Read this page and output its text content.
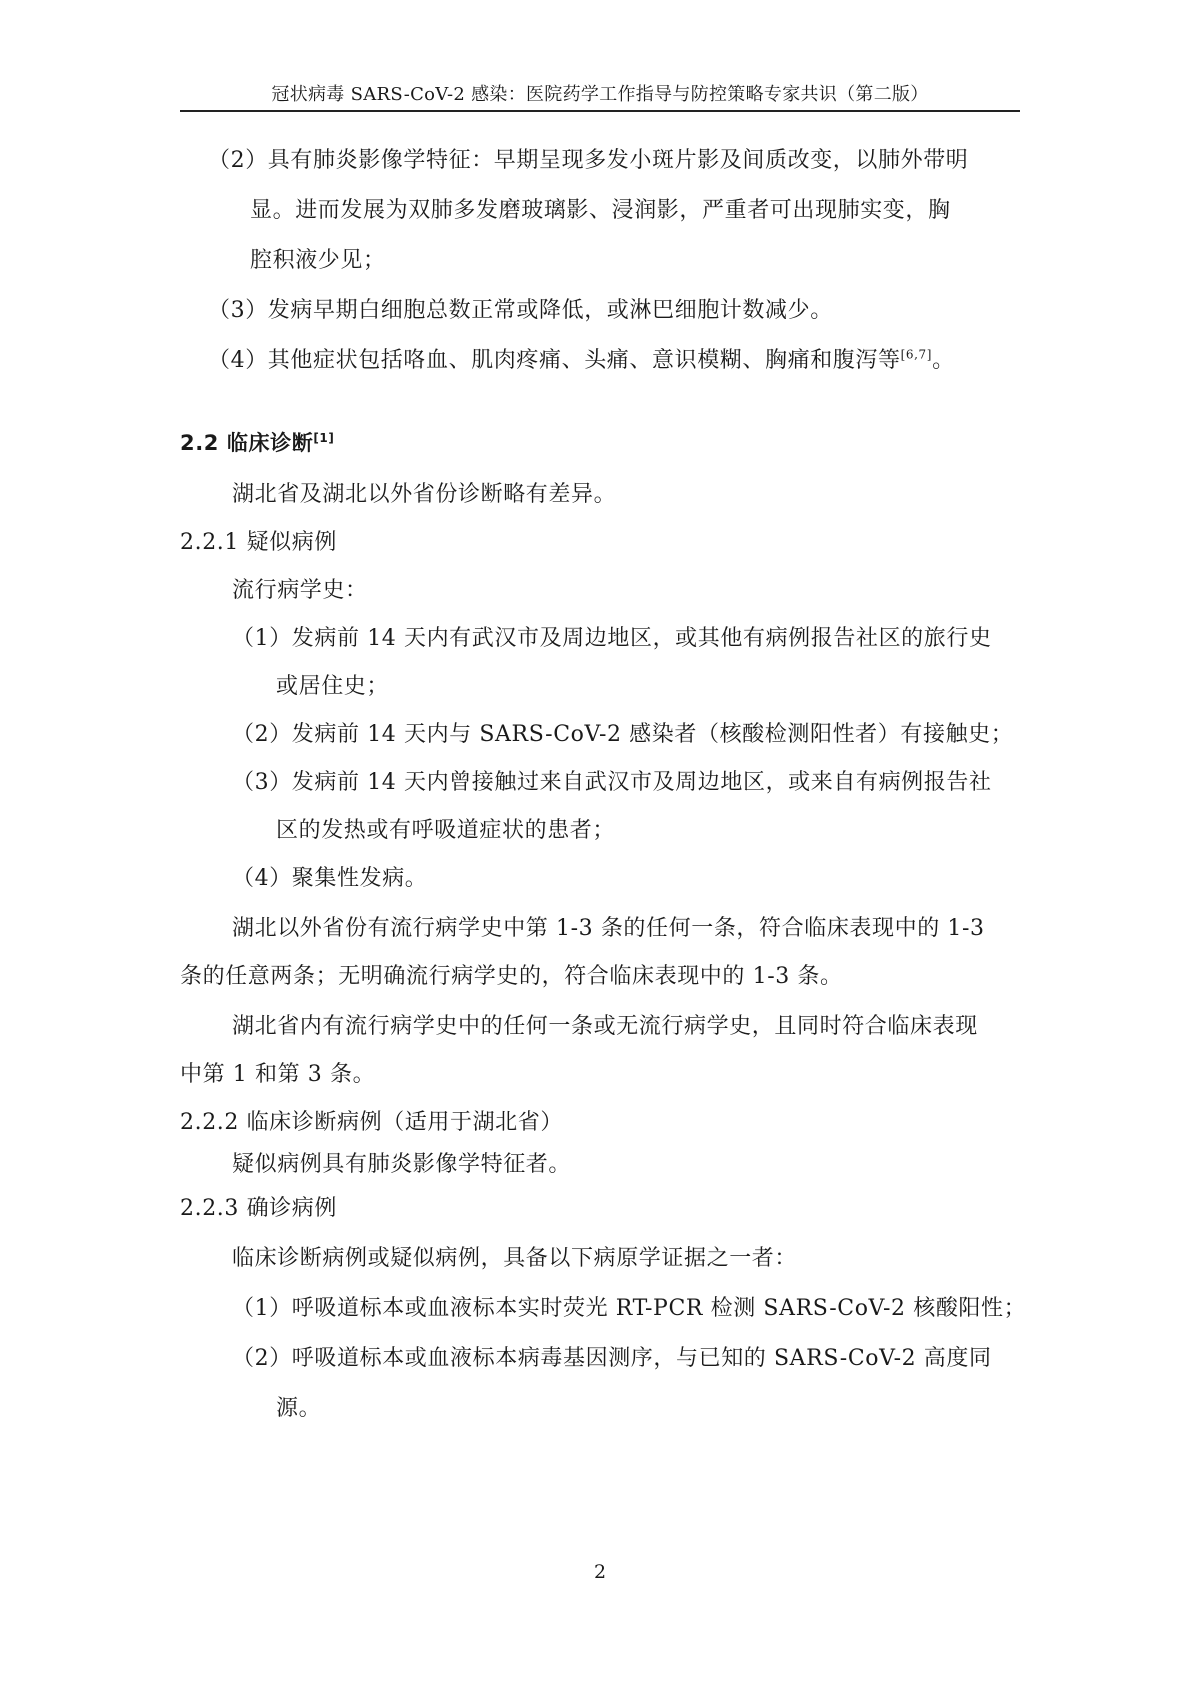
冠状病毒 SARS-CoV-2 感染：医院药学工作指导与防控策略专家共识（第二版）
（2）具有肺炎影像学特征：早期呈现多发小斑片影及间质改变，以肺外带明
显。进而发展为双肺多发磨玻璃影、浸润影，严重者可出现肺实变，胸
腔积液少见；
（3）发病早期白细胞总数正常或降低，或淋巴细胞计数减少。
（4）其他症状包括咯血、肌肉疼痛、头痛、意识模糊、胸痛和腹泻等[6,7]。
2.2 临床诊断[1]
湖北省及湖北以外省份诊断略有差异。
2.2.1 疑似病例
流行病学史：
（1）发病前 14 天内有武汉市及周边地区，或其他有病例报告社区的旅行史
或居住史；
（2）发病前 14 天内与 SARS-CoV-2 感染者（核酸检测阳性者）有接触史；
（3）发病前 14 天内曾接触过来自武汉市及周边地区，或来自有病例报告社
区的发热或有呼吸道症状的患者；
（4）聚集性发病。
湖北以外省份有流行病学史中第 1-3 条的任何一条，符合临床表现中的 1-3
条的任意两条；无明确流行病学史的，符合临床表现中的 1-3 条。
湖北省内有流行病学史中的任何一条或无流行病学史，且同时符合临床表现
中第 1 和第 3 条。
2.2.2 临床诊断病例（适用于湖北省）
疑似病例具有肺炎影像学特征者。
2.2.3 确诊病例
临床诊断病例或疑似病例，具备以下病原学证据之一者：
（1）呼吸道标本或血液标本实时荧光 RT-PCR 检测 SARS-CoV-2 核酸阳性；
（2）呼吸道标本或血液标本病毒基因测序，与已知的 SARS-CoV-2 高度同
源。
2
